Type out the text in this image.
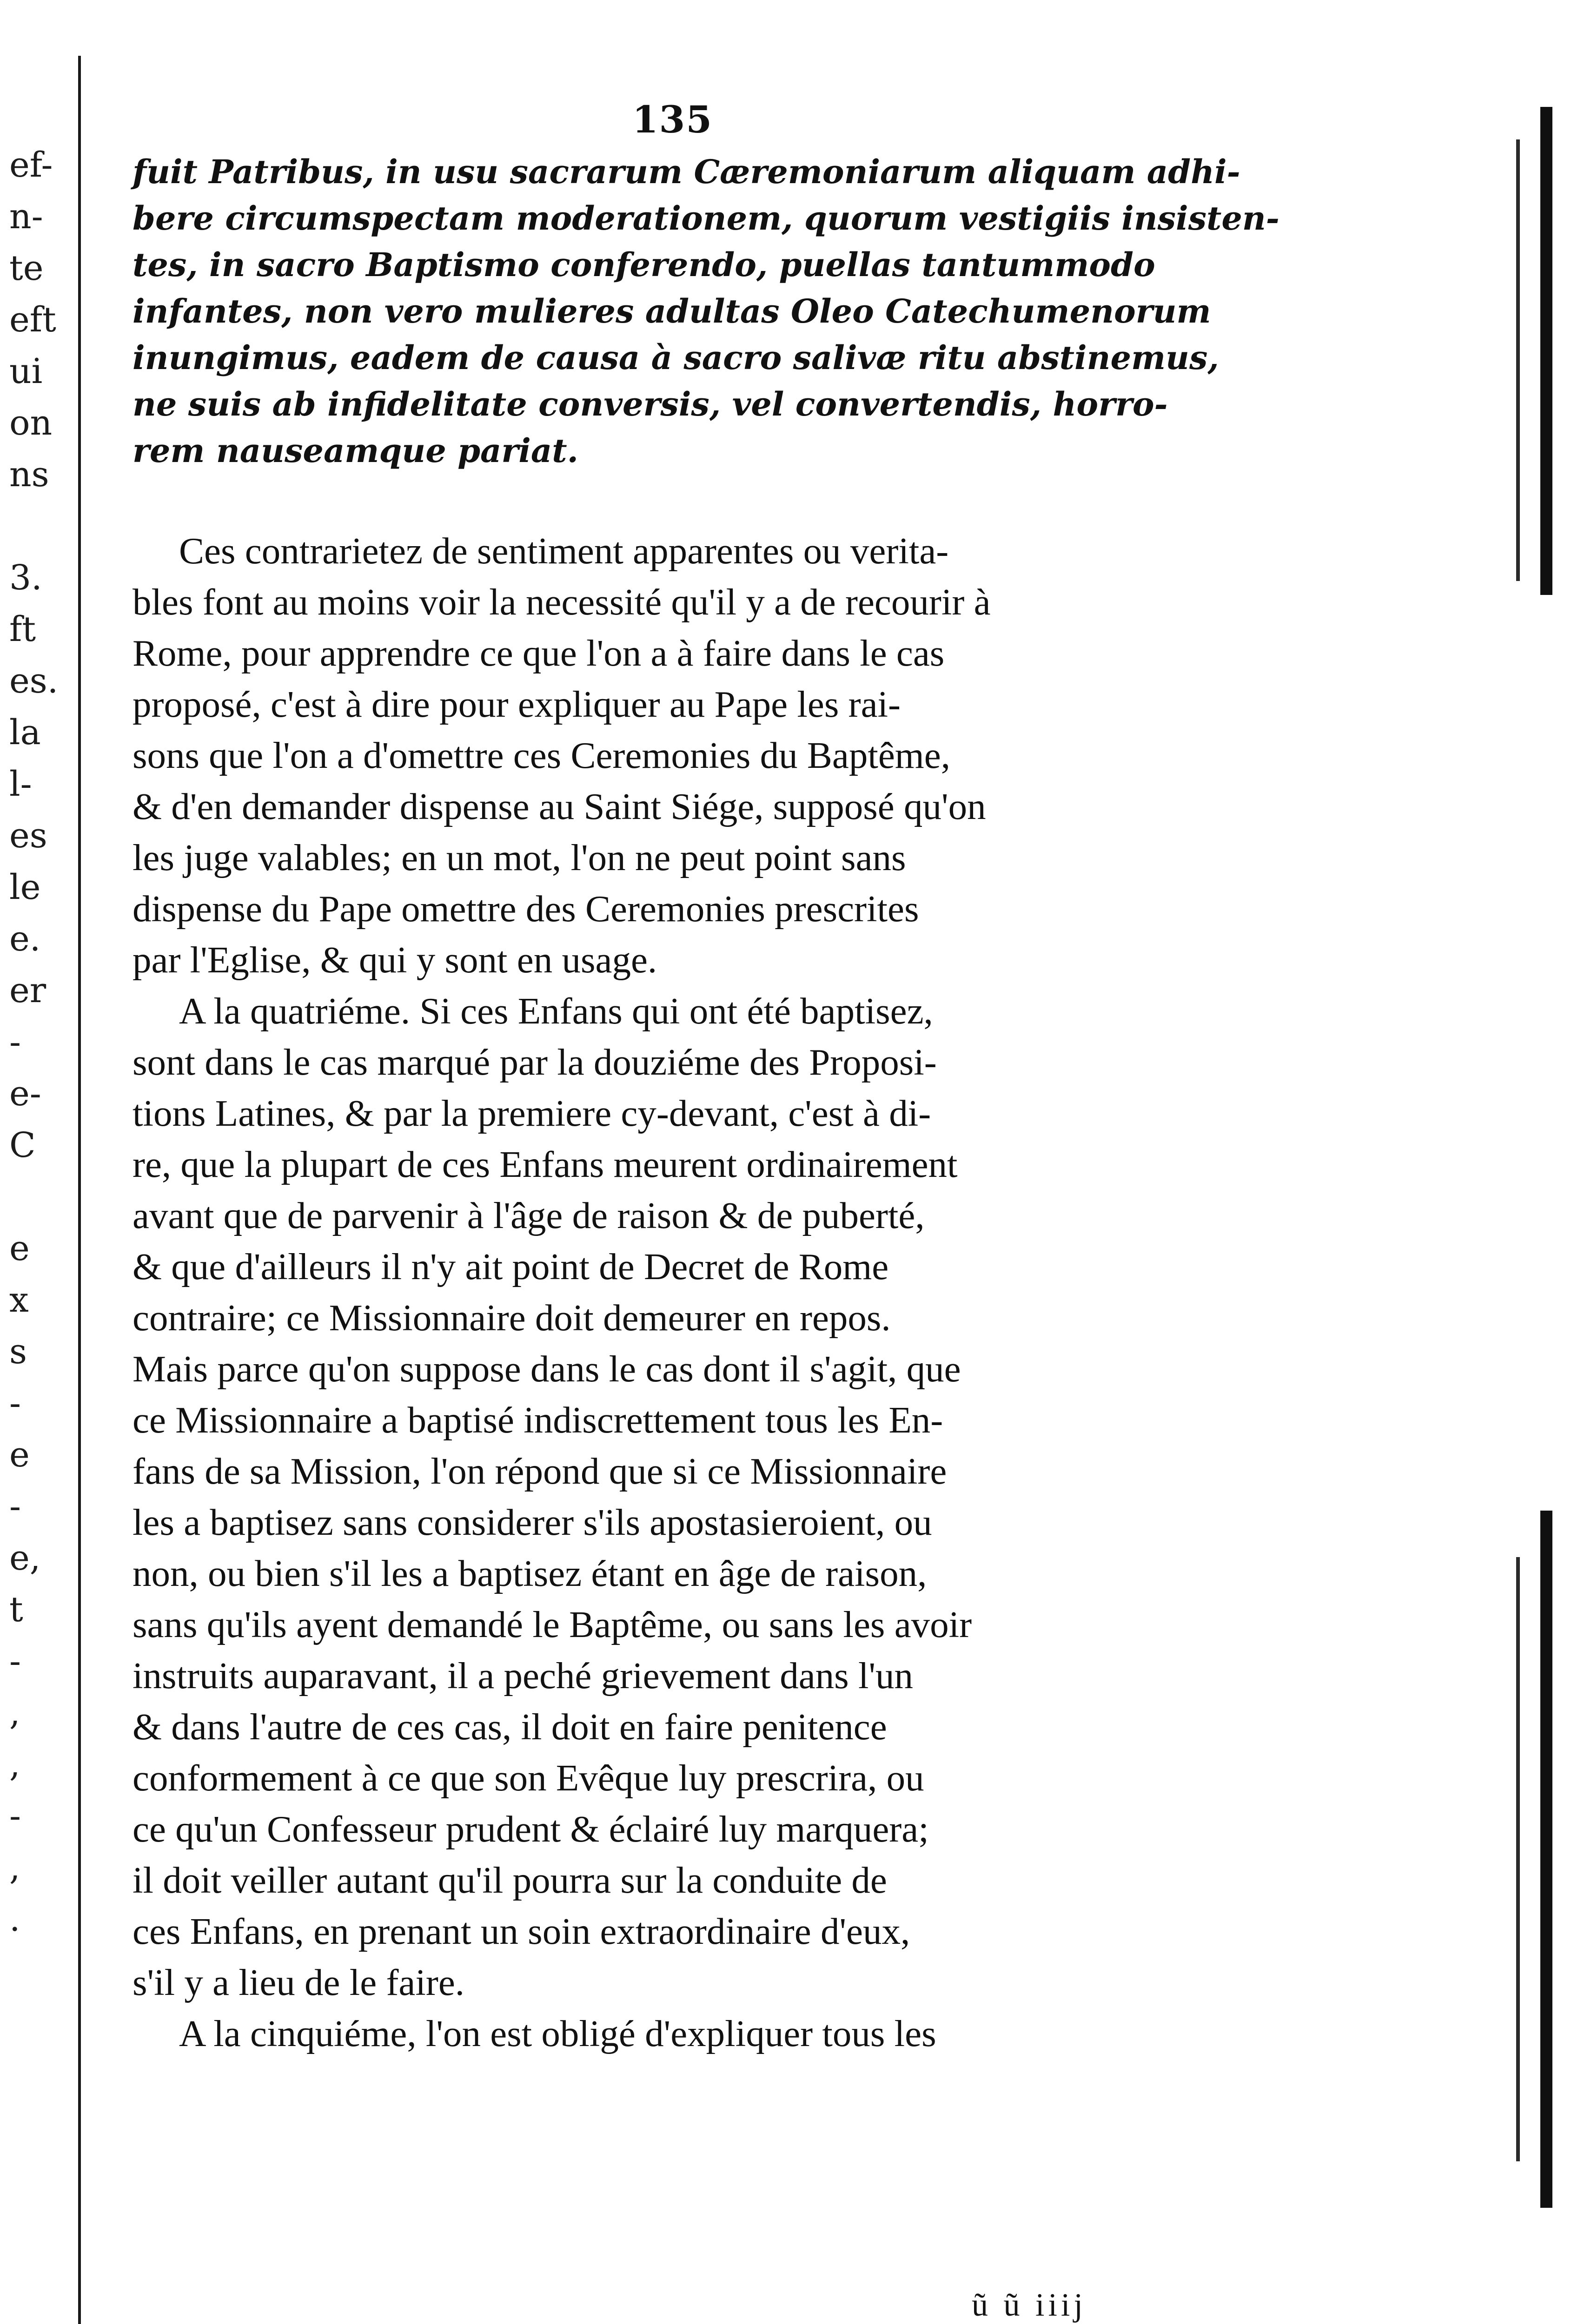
ef-
n-
te
eft
ui
on
ns
3.
ft
es.
la
l-
es
le
e.
er
-
e-
C
e
x
s
-
e
-
e,
t
-
,
,
-
,
.
135
fuit Patribus, in usu sacrarum Cæremoniarum aliquam adhi-
bere circumspectam moderationem, quorum vestigiis insisten-
tes, in sacro Baptismo conferendo, puellas tantummodo
infantes, non vero mulieres adultas Oleo Catechumenorum
inungimus, eadem de causa à sacro salivæ ritu abstinemus,
ne suis ab infidelitate conversis, vel convertendis, horro-
rem nauseamque pariat.
Ces contrarietez de sentiment apparentes ou verita-
bles font au moins voir la necessité qu'il y a de recourir à
Rome, pour apprendre ce que l'on a à faire dans le cas
proposé, c'est à dire pour expliquer au Pape les rai-
sons que l'on a d'omettre ces Ceremonies du Baptême,
& d'en demander dispense au Saint Siége, supposé qu'on
les juge valables; en un mot, l'on ne peut point sans
dispense du Pape omettre des Ceremonies prescrites
par l'Eglise, & qui y sont en usage.
A la quatriéme. Si ces Enfans qui ont été baptisez,
sont dans le cas marqué par la douziéme des Proposi-
tions Latines, & par la premiere cy-devant, c'est à di-
re, que la plupart de ces Enfans meurent ordinairement
avant que de parvenir à l'âge de raison & de puberté,
& que d'ailleurs il n'y ait point de Decret de Rome
contraire; ce Missionnaire doit demeurer en repos.
Mais parce qu'on suppose dans le cas dont il s'agit, que
ce Missionnaire a baptisé indiscrettement tous les En-
fans de sa Mission, l'on répond que si ce Missionnaire
les a baptisez sans considerer s'ils apostasieroient, ou
non, ou bien s'il les a baptisez étant en âge de raison,
sans qu'ils ayent demandé le Baptême, ou sans les avoir
instruits auparavant, il a peché grievement dans l'un
& dans l'autre de ces cas, il doit en faire penitence
conformement à ce que son Evêque luy prescrira, ou
ce qu'un Confesseur prudent & éclairé luy marquera;
il doit veiller autant qu'il pourra sur la conduite de
ces Enfans, en prenant un soin extraordinaire d'eux,
s'il y a lieu de le faire.
A la cinquiéme, l'on est obligé d'expliquer tous les
ũ ũ iiij
